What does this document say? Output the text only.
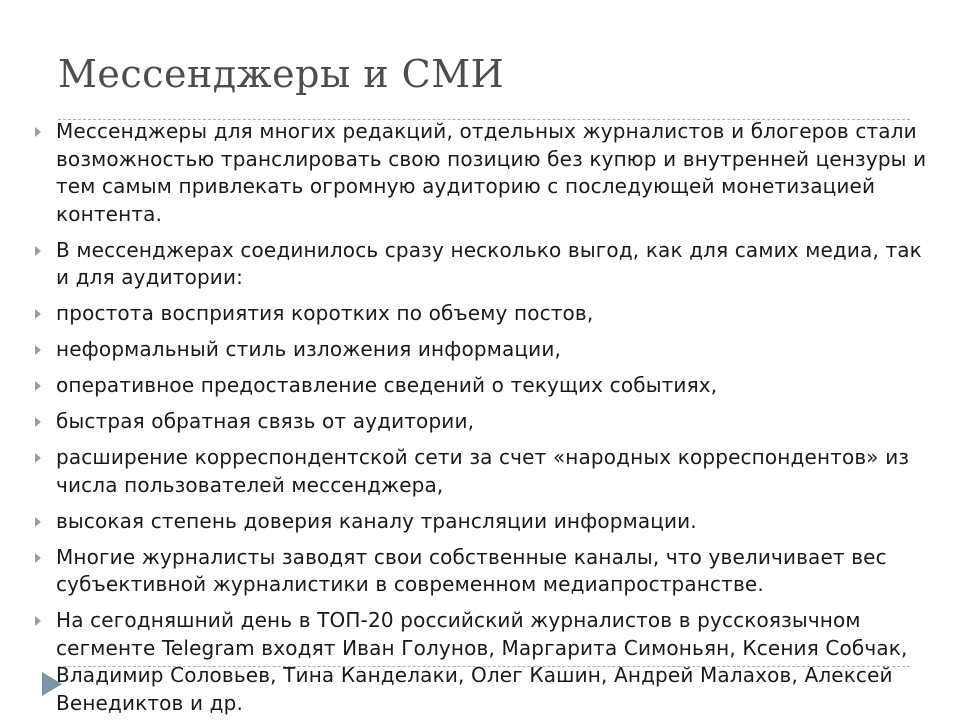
Мессенджеры и СМИ
Мессенджеры для многих редакций, отдельных журналистов и блогеров стали возможностью транслировать свою позицию без купюр и внутренней цензуры и тем самым привлекать огромную аудиторию с последующей монетизацией контента.
В мессенджерах соединилось сразу несколько выгод, как для самих медиа, так и для аудитории:
простота восприятия коротких по объему постов,
неформальный стиль изложения информации,
оперативное предоставление сведений о текущих событиях,
быстрая обратная связь от аудитории,
расширение корреспондентской сети за счет «народных корреспондентов» из числа пользователей мессенджера,
высокая степень доверия каналу трансляции информации.
Многие журналисты заводят свои собственные каналы, что увеличивает вес субъективной журналистики в современном медиапространстве.
На сегодняшний день в ТОП-20 российский журналистов в русскоязычном сегменте Telegram входят Иван Голунов, Маргарита Симоньян, Ксения Собчак, Владимир Соловьев, Тина Канделаки, Олег Кашин, Андрей Малахов, Алексей Венедиктов и др.
